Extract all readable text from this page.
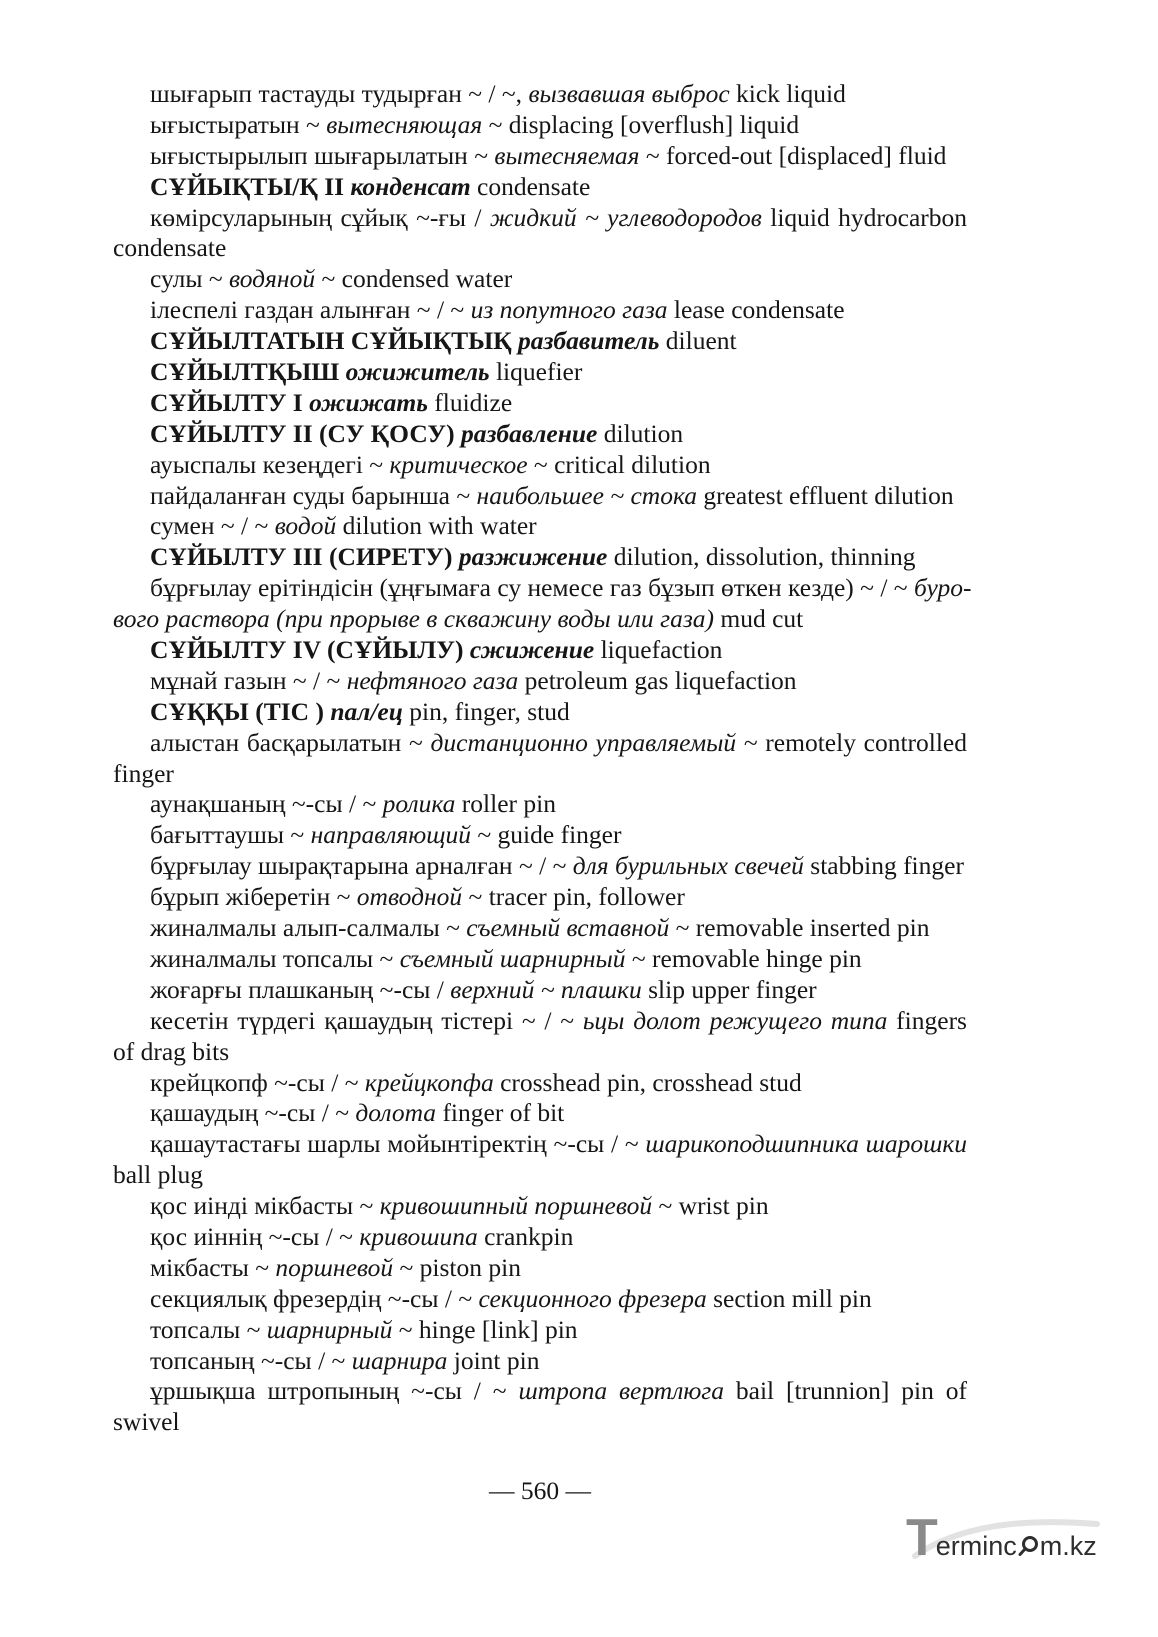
шығарып тастауды тудырған ~ / ~, вызвавшая выброс kick liquid
ығыстыратын ~ вытесняющая ~ displacing [overflush] liquid
ығыстырылып шығарылатын ~ вытесняемая ~ forced-out [displaced] fluid
СҰЙЫҚТЫ/Қ II конденсат condensate
көмірсуларының сұйық ~-ғы / жидкий ~ углеводородов liquid hydrocarbon
condensate
сулы ~ водяной ~ condensed water
ілеспелі газдан алынған ~ / ~ из попутного газа lease condensate
СҰЙЫЛТАТЫН СҰЙЫҚТЫҚ разбавитель diluent
СҰЙЫЛТҚЫШ ожижитель liquefier
СҰЙЫЛТУ I ожижать fluidize
СҰЙЫЛТУ II (СУ ҚОСУ) разбавление dilution
ауыспалы кезеңдегі ~ критическое ~ critical dilution
пайдаланған суды барынша ~ наибольшее ~ стока greatest effluent dilution
сумен ~ / ~ водой dilution with water
СҰЙЫЛТУ III (СИРЕТУ) разжижение dilution, dissolution, thinning
бұрғылау ерітіндісін (ұңғымаға су немесе газ бұзып өткен кезде) ~ / ~ буро-
вого раствора (при прорыве в скважину воды или газа) mud cut
СҰЙЫЛТУ IV (СҰЙЫЛУ) сжижение liquefaction
мұнай газын ~ / ~ нефтяного газа petroleum gas liquefaction
СҰҚҚЫ (ТІС ) пал/ец pin, finger, stud
алыстан басқарылатын ~ дистанционно управляемый ~ remotely controlled
finger
аунақшаның ~-сы / ~ ролика roller pin
бағыттаушы ~ направляющий ~ guide finger
бұрғылау шырақтарына арналған ~ / ~ для бурильных свечей stabbing finger
бұрып жіберетін ~ отводной ~ tracer pin, follower
жиналмалы алып-салмалы ~ съемный вставной ~ removable inserted pin
жиналмалы топсалы ~ съемный шарнирный ~ removable hinge pin
жоғарғы плашканың ~-сы / верхний ~ плашки slip upper finger
кесетін түрдегі қашаудың тістері ~ / ~ ьцы долот режущего типа fingers
of drag bits
крейцкопф ~-сы / ~ крейцкопфа crosshead pin, crosshead stud
қашаудың ~-сы / ~ долота finger of bit
қашаутастағы шарлы мойынтіректің ~-сы / ~ шарикоподшипника шарошки
ball plug
қос иінді мікбасты ~ кривошипный поршневой ~ wrist pin
қос иіннің ~-сы / ~ кривошипа crankpin
мікбасты ~ поршневой ~ piston pin
секциялық фрезердің ~-сы / ~ секционного фрезера section mill pin
топсалы ~ шарнирный ~ hinge [link] pin
топсаның ~-сы / ~ шарнира joint pin
ұршықша штропының ~-сы / ~ штропа вертлюга bail [trunnion] pin of
swivel
— 560 —
Terminc m.kz
